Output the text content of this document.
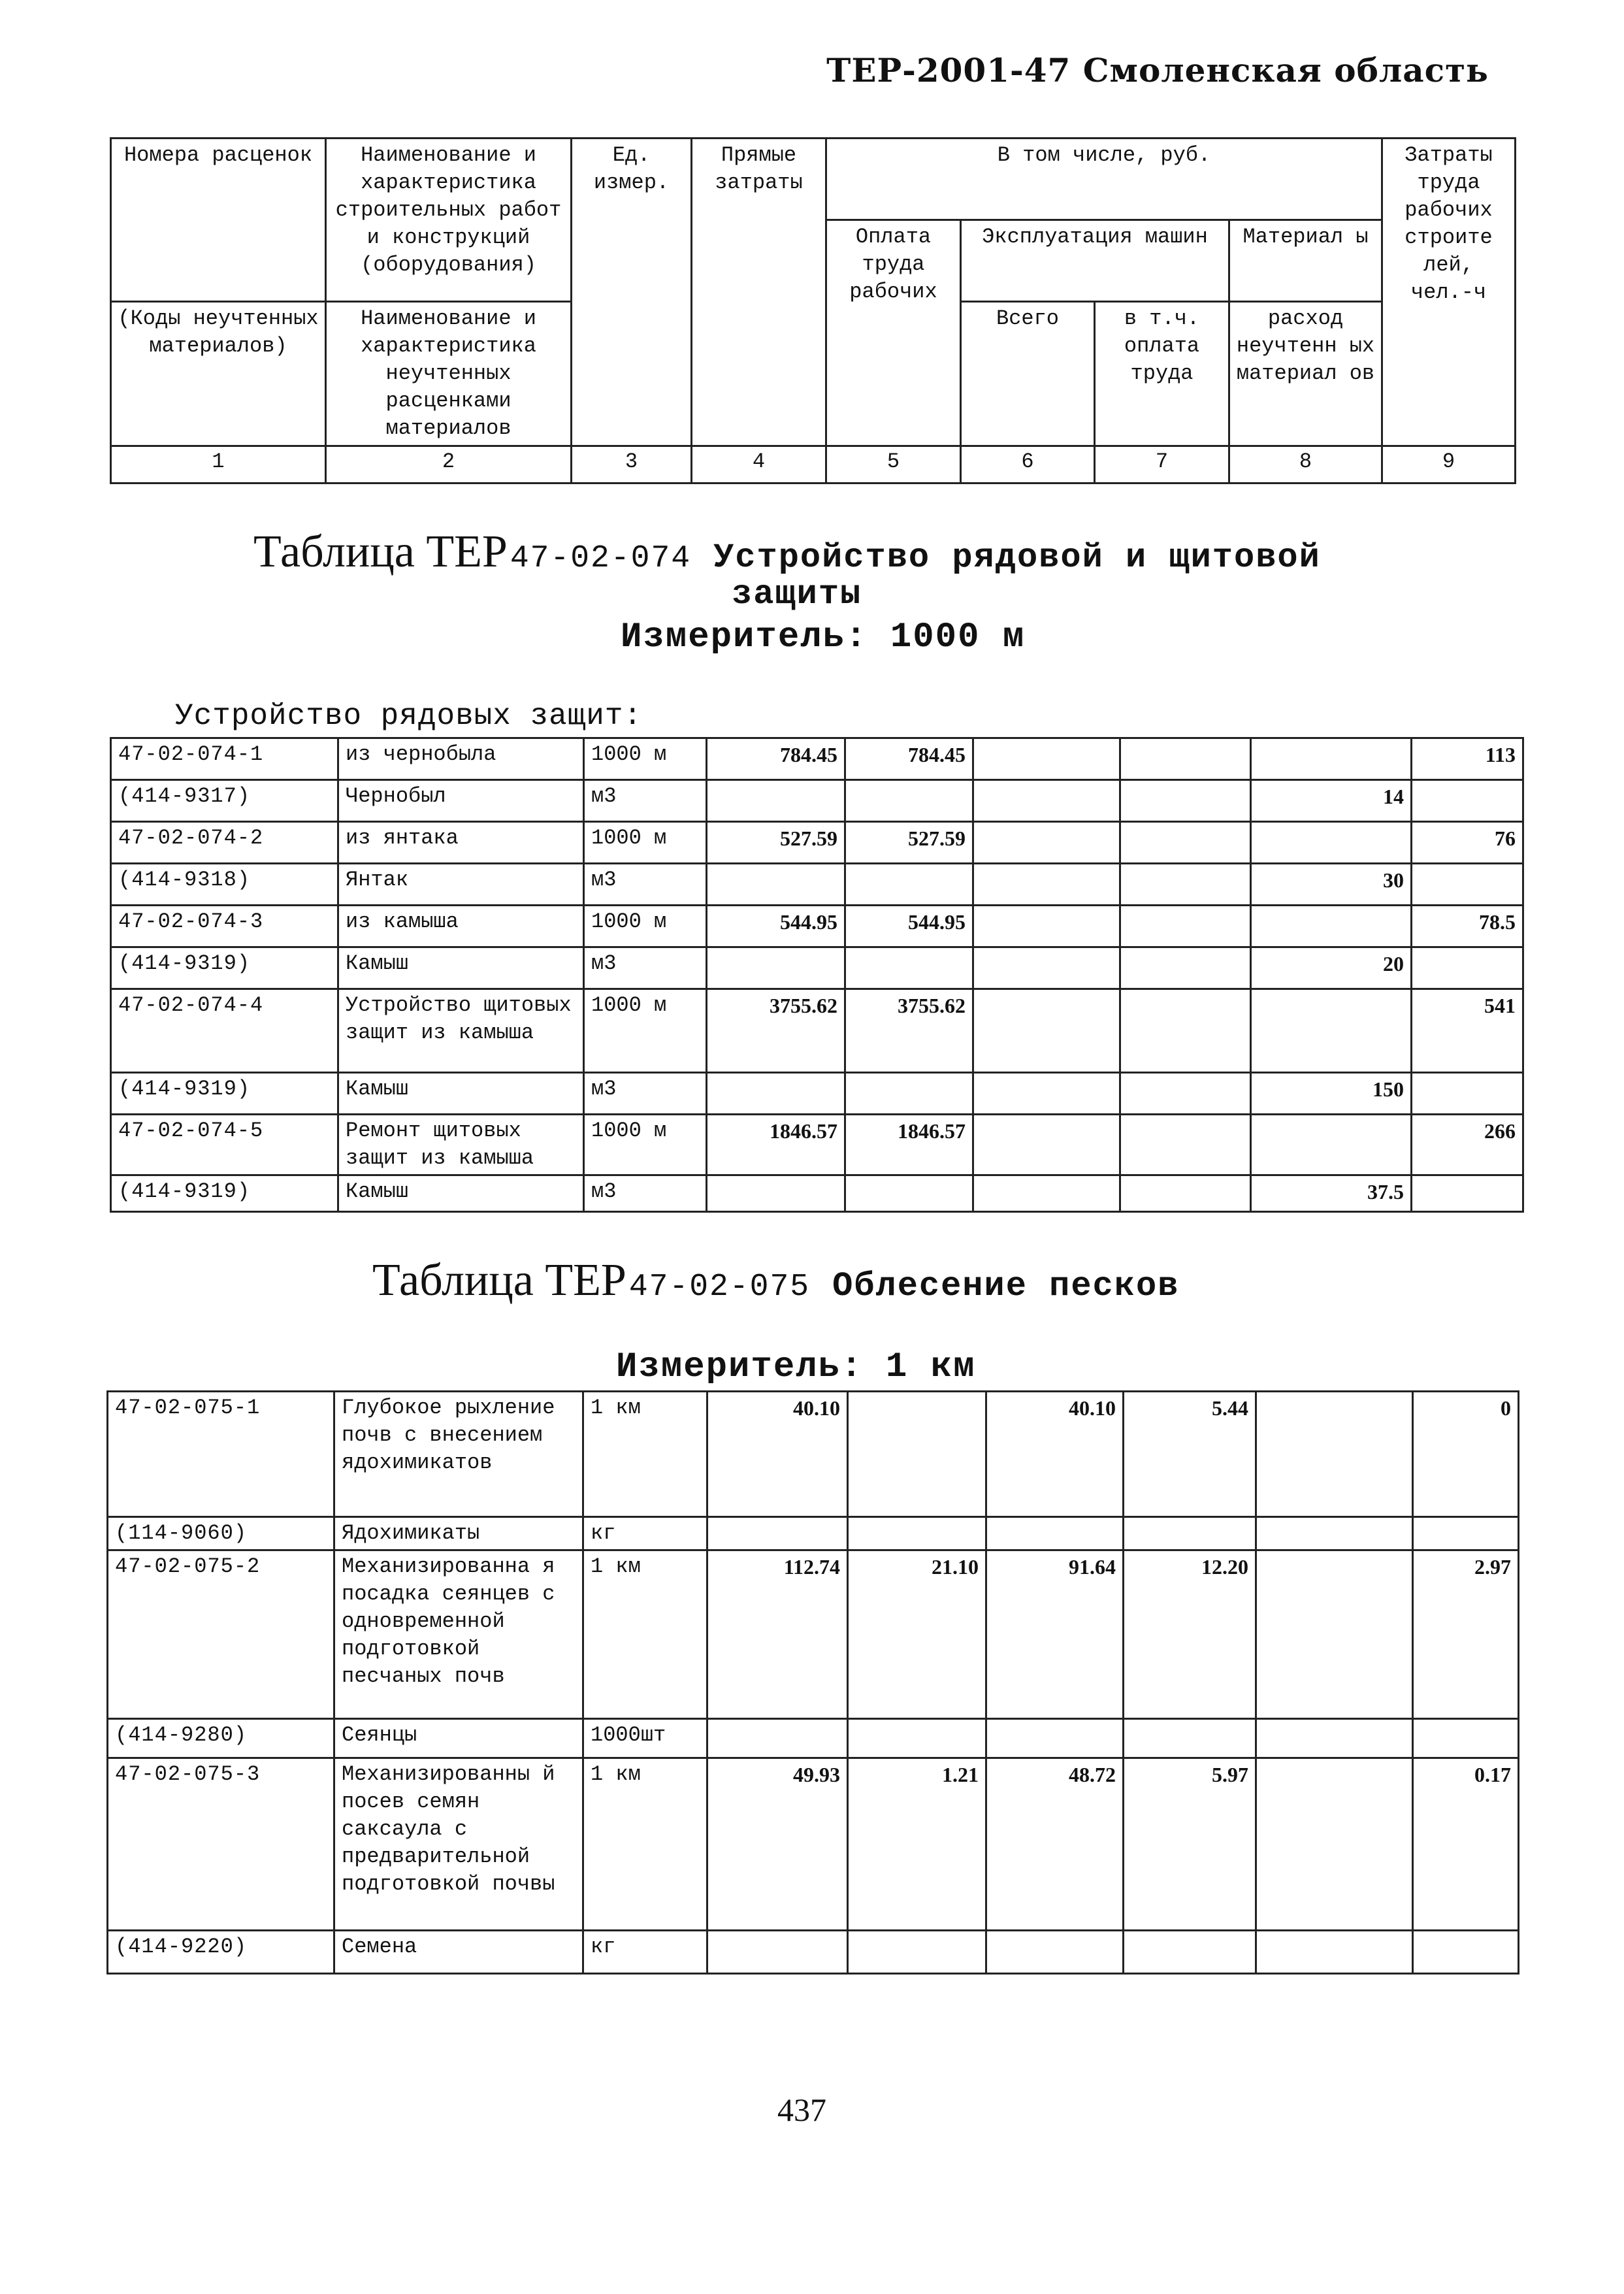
ТЕР-2001-47 Смоленская область
Номера расценок	Наименование и характеристика строительных работ и конструкций (оборудования)	Ед. измер.	Прямые затраты	В том числе, руб.				Затраты труда рабочих строите лей, чел.-ч
				Оплата труда рабочих	Эксплуатация машин		Материал ы	
(Коды неучтенных материалов)	Наименование и характеристика неучтенных расценками материалов				Всего	в т.ч. оплата труда	расход неучтенн ых материал ов	
1	2	3	4	5	6	7	8	9
Таблица ТЕР 47-02-074 Устройство рядовой и щитовой
защиты
Измеритель: 1000 м
Устройство рядовых защит:
47-02-074-1	из чернобыла	1000 м	784.45	784.45				113
(414-9317)	Чернобыл	м3					14	
47-02-074-2	из янтака	1000 м	527.59	527.59				76
(414-9318)	Янтак	м3					30	
47-02-074-3	из камыша	1000 м	544.95	544.95				78.5
(414-9319)	Камыш	м3					20	
47-02-074-4	Устройство щитовых защит из камыша	1000 м	3755.62	3755.62				541
(414-9319)	Камыш	м3					150	
47-02-074-5	Ремонт щитовых защит из камыша	1000 м	1846.57	1846.57				266
(414-9319)	Камыш	м3					37.5	
Таблица ТЕР 47-02-075 Облесение песков
Измеритель: 1 км
47-02-075-1	Глубокое рыхление почв с внесением ядохимикатов	1 км	40.10		40.10	5.44		0
(114-9060)	Ядохимикаты	кг						
47-02-075-2	Механизированна я посадка сеянцев с одновременной подготовкой песчаных почв	1 км	112.74	21.10	91.64	12.20		2.97
(414-9280)	Сеянцы	1000шт						
47-02-075-3	Механизированны й посев семян саксаула с предварительной подготовкой почвы	1 км	49.93	1.21	48.72	5.97		0.17
(414-9220)	Семена	кг						
437
